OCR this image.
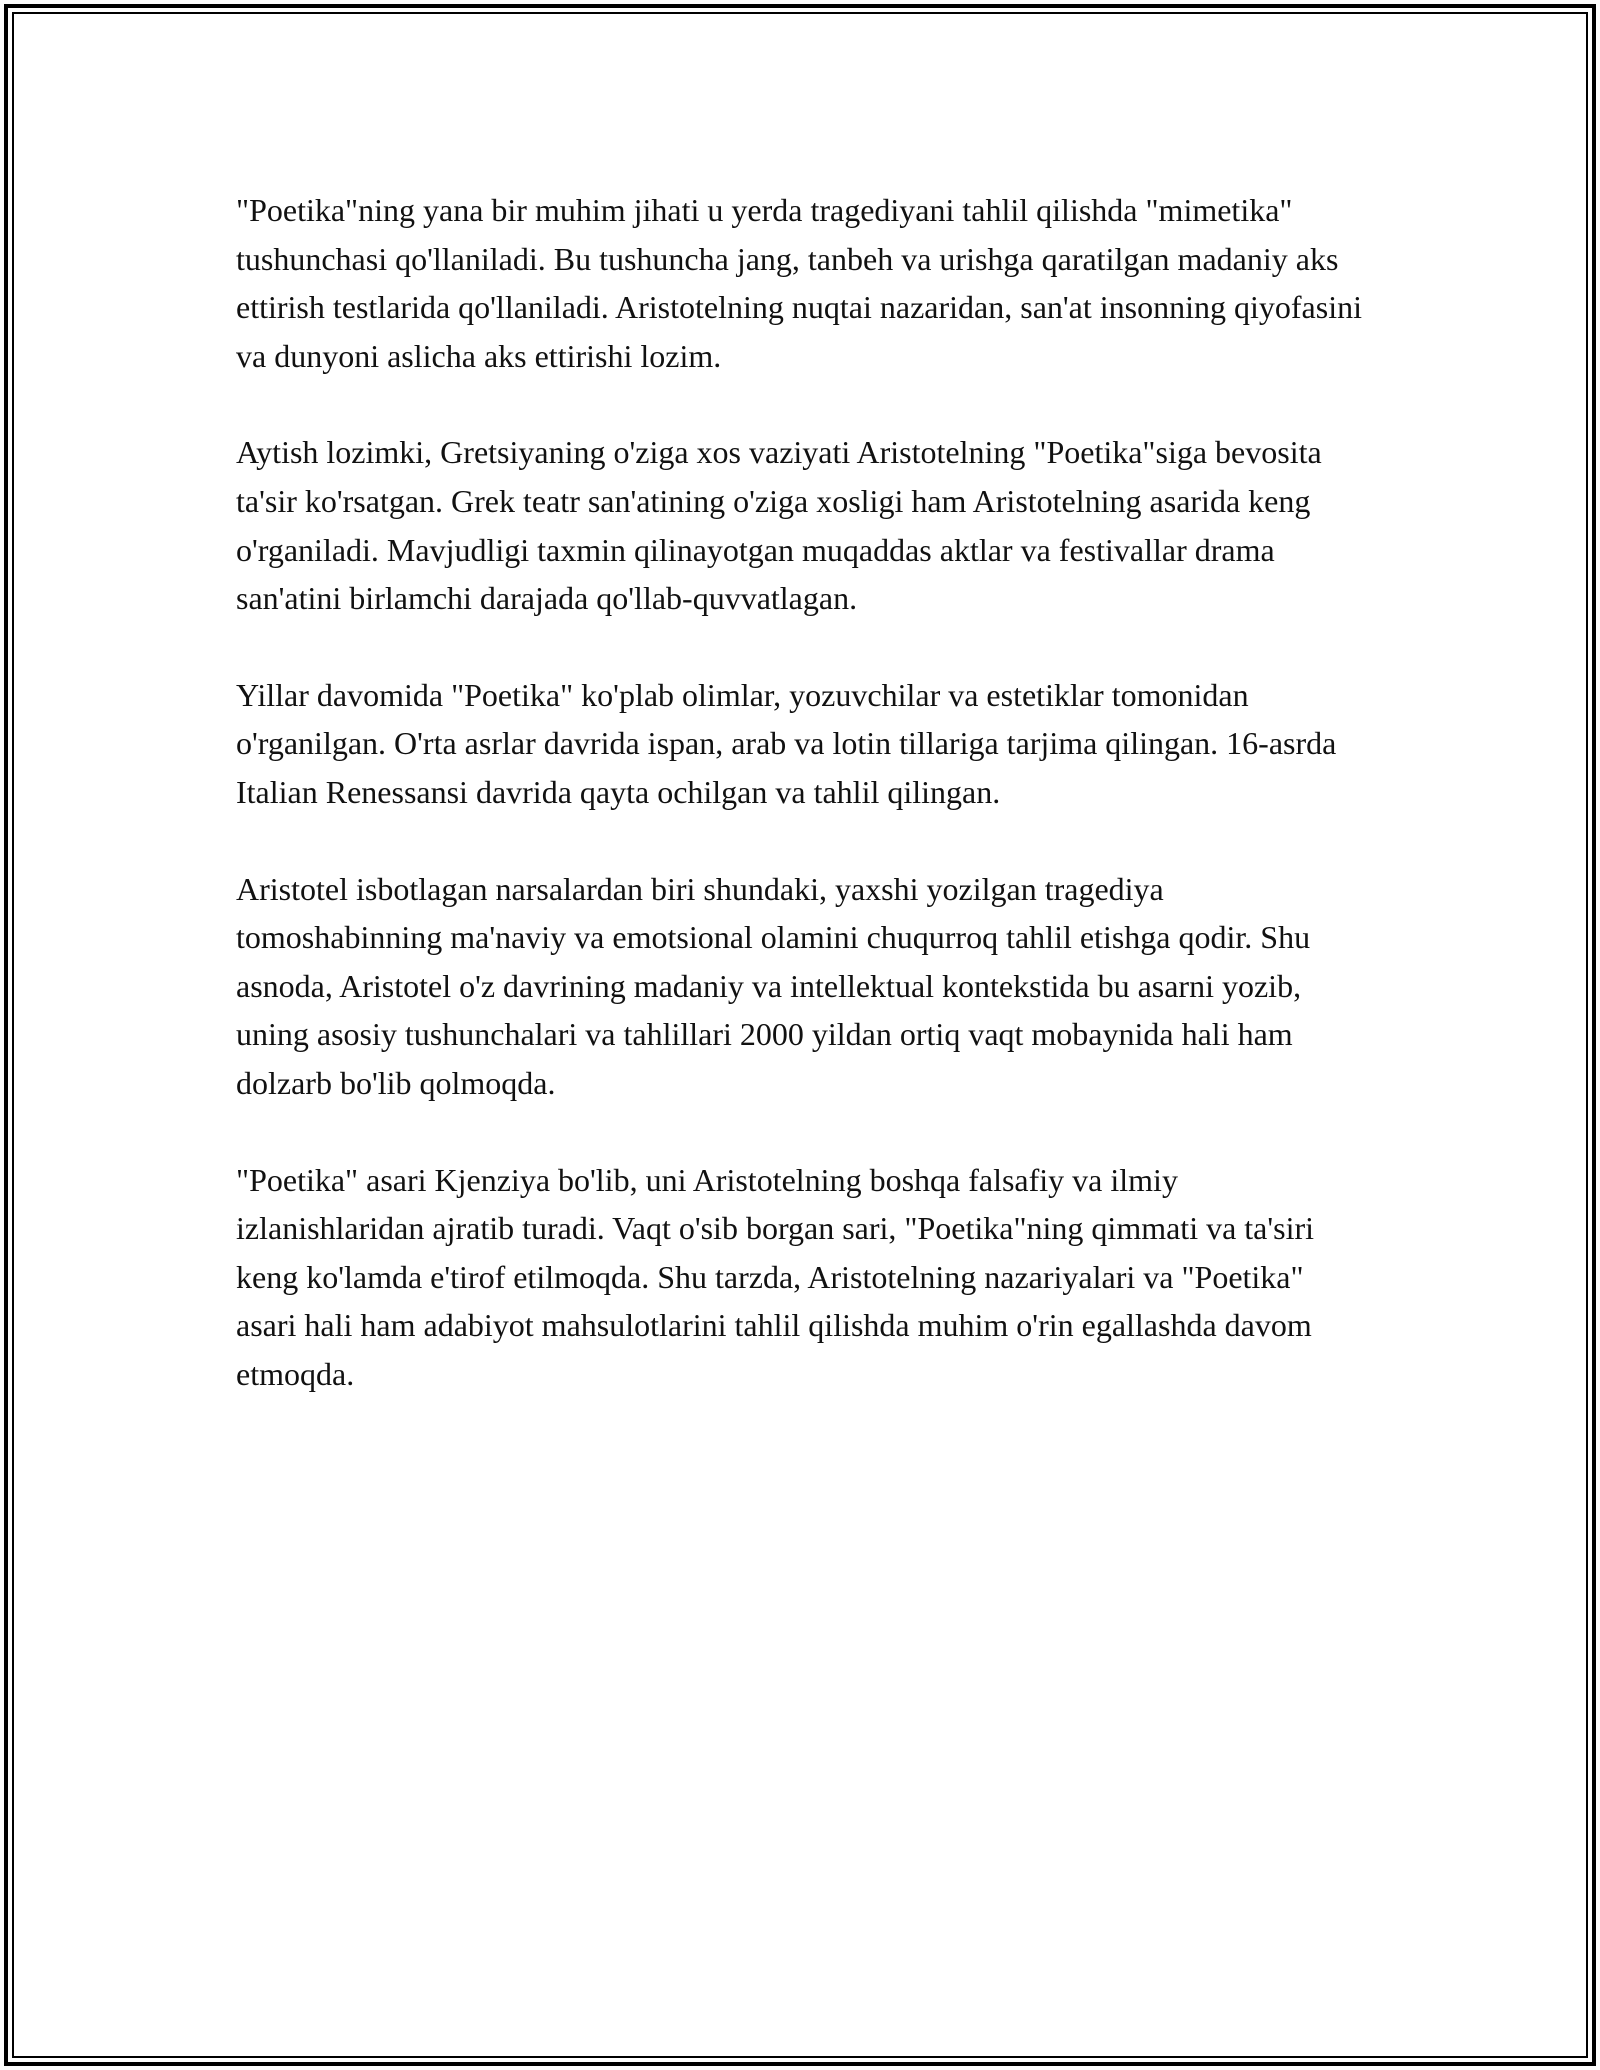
"Poetika"ning yana bir muhim jihati u yerda tragediyani tahlil qilishda "mimetika" tushunchasi qo'llaniladi. Bu tushuncha jang, tanbeh va urishga qaratilgan madaniy aks ettirish testlarida qo'llaniladi. Aristotelning nuqtai nazaridan, san'at insonning qiyofasini va dunyoni aslicha aks ettirishi lozim.

Aytish lozimki, Gretsiyaning o'ziga xos vaziyati Aristotelning "Poetika"siga bevosita ta'sir ko'rsatgan. Grek teatr san'atining o'ziga xosligi ham Aristotelning asarida keng o'rganiladi. Mavjudligi taxmin qilinayotgan muqaddas aktlar va festivallar drama san'atini birlamchi darajada qo'llab-quvvatlagan.

Yillar davomida "Poetika" ko'plab olimlar, yozuvchilar va estetiklar tomonidan o'rganilgan. O'rta asrlar davrida ispan, arab va lotin tillariga tarjima qilingan. 16-asrda Italian Renessansi davrida qayta ochilgan va tahlil qilingan.

Aristotel isbotlagan narsalardan biri shundaki, yaxshi yozilgan tragediya tomoshabinning ma'naviy va emotsional olamini chuqurroq tahlil etishga qodir. Shu asnoda, Aristotel o'z davrining madaniy va intellektual kontekstida bu asarni yozib, uning asosiy tushunchalari va tahlillari 2000 yildan ortiq vaqt mobaynida hali ham dolzarb bo'lib qolmoqda.

"Poetika" asari Kjenziya bo'lib, uni Aristotelning boshqa falsafiy va ilmiy izlanishlaridan ajratib turadi. Vaqt o'sib borgan sari, "Poetika"ning qimmati va ta'siri keng ko'lamda e'tirof etilmoqda. Shu tarzda, Aristotelning nazariyalari va "Poetika" asari hali ham adabiyot mahsulotlarini tahlil qilishda muhim o'rin egallashda davom etmoqda.
